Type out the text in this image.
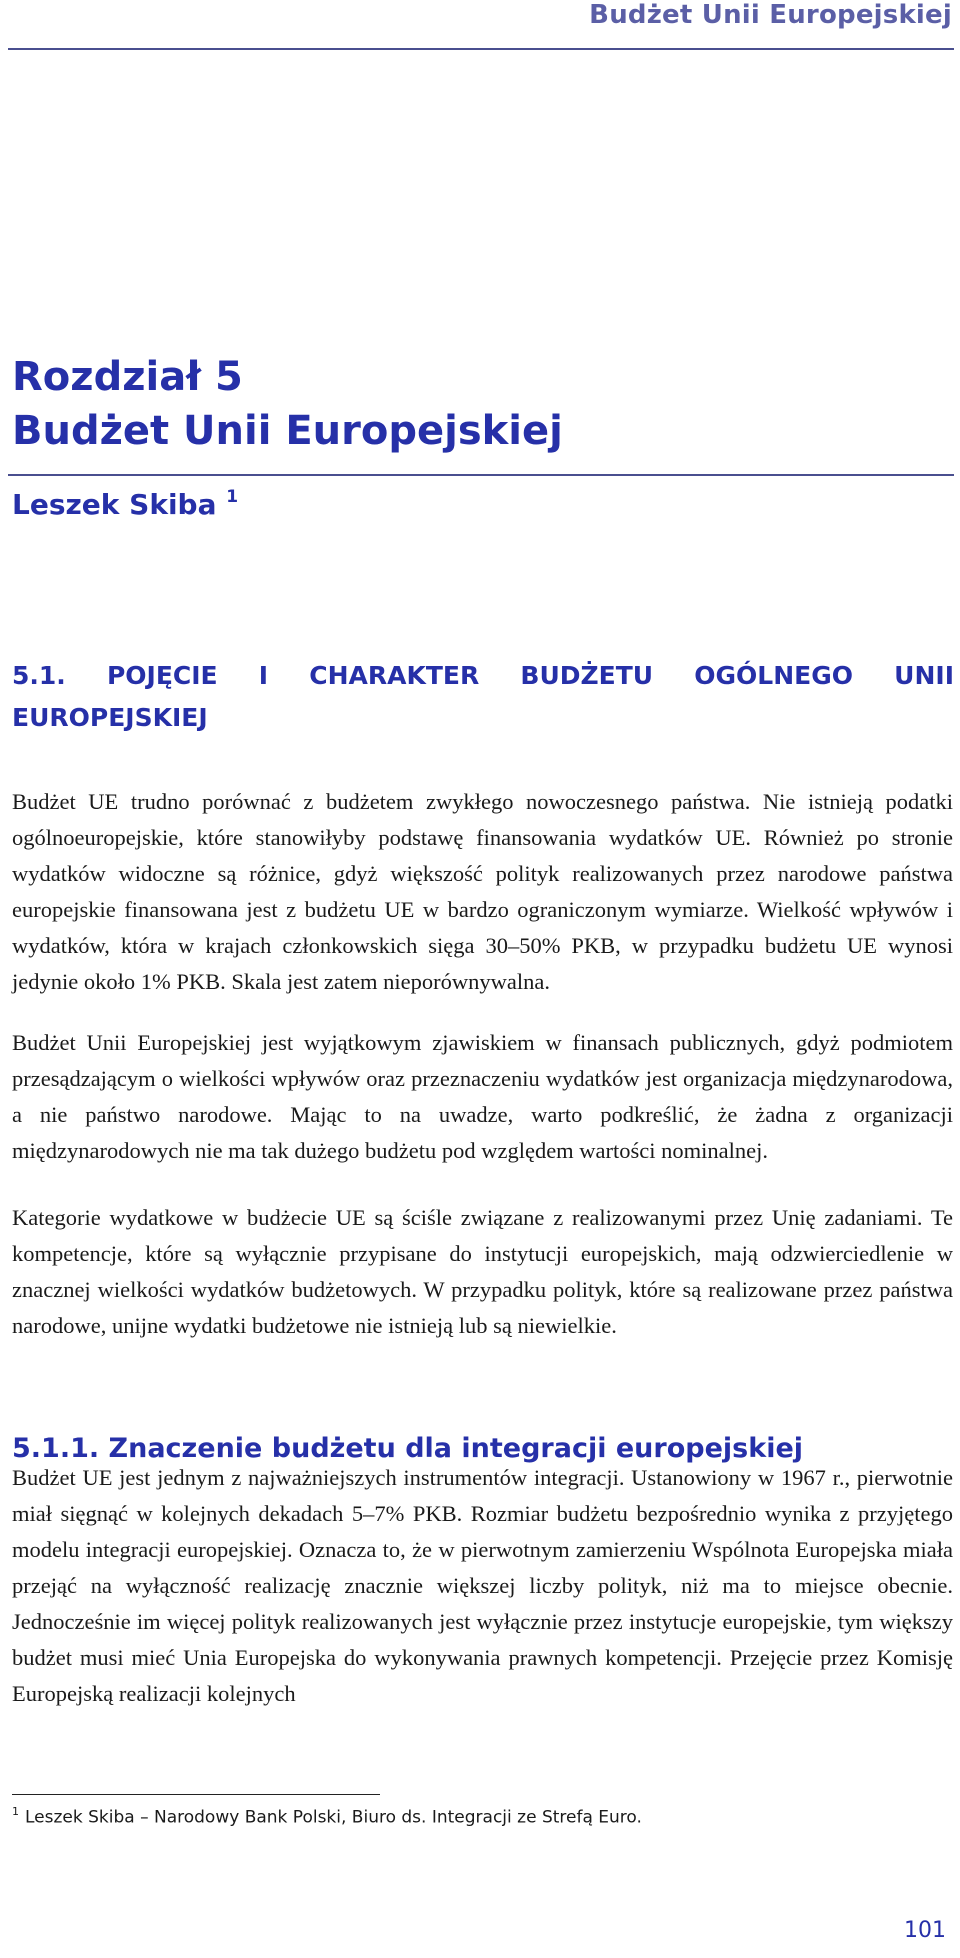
Budżet Unii Europejskiej
Rozdział 5
Budżet Unii Europejskiej
Leszek Skiba $^1$
5.1. POJĘCIE I CHARAKTER BUDŻETU OGÓLNEGO UNII EUROPEJSKIEJ

Budżet UE trudno porównać z budżetem zwykłego nowoczesnego państwa. Nie istnieją podatki ogólnoeuropejskie, które stanowiłyby podstawę finansowania wydatków UE. Również po stronie wydatków widoczne są różnice, gdyż większość polityk realizowanych przez narodowe państwa europejskie finansowana jest z budżetu UE w bardzo ograniczonym wymiarze. Wielkość wpływów i wydatków, która w krajach członkowskich sięga 30–50% PKB, w przypadku budżetu UE wynosi jedynie około 1% PKB. Skala jest zatem nieporównywalna.

Budżet Unii Europejskiej jest wyjątkowym zjawiskiem w finansach publicznych, gdyż podmiotem przesądzającym o wielkości wpływów oraz przeznaczeniu wydatków jest organizacja międzynarodowa, a nie państwo narodowe. Mając to na uwadze, warto podkreślić, że żadna z organizacji międzynarodowych nie ma tak dużego budżetu pod względem wartości nominalnej.

Kategorie wydatkowe w budżecie UE są ściśle związane z realizowanymi przez Unię zadaniami. Te kompetencje, które są wyłącznie przypisane do instytucji europejskich, mają odzwierciedlenie w znacznej wielkości wydatków budżetowych. W przypadku polityk, które są realizowane przez państwa narodowe, unijne wydatki budżetowe nie istnieją lub są niewielkie.

5.1.1. Znaczenie budżetu dla integracji europejskiej

Budżet UE jest jednym z najważniejszych instrumentów integracji. Ustanowiony w 1967 r., pierwotnie miał sięgnąć w kolejnych dekadach 5–7% PKB. Rozmiar budżetu bezpośrednio wynika z przyjętego modelu integracji europejskiej. Oznacza to, że w pierwotnym zamierzeniu Wspólnota Europejska miała przejąć na wyłączność realizację znacznie większej liczby polityk, niż ma to miejsce obecnie. Jednocześnie im więcej polityk realizowanych jest wyłącznie przez instytucje europejskie, tym większy budżet musi mieć Unia Europejska do wykonywania prawnych kompetencji. Przejęcie przez Komisję Europejską realizacji kolejnych

$^1$ Leszek Skiba – Narodowy Bank Polski, Biuro ds. Integracji ze Strefą Euro.
101
